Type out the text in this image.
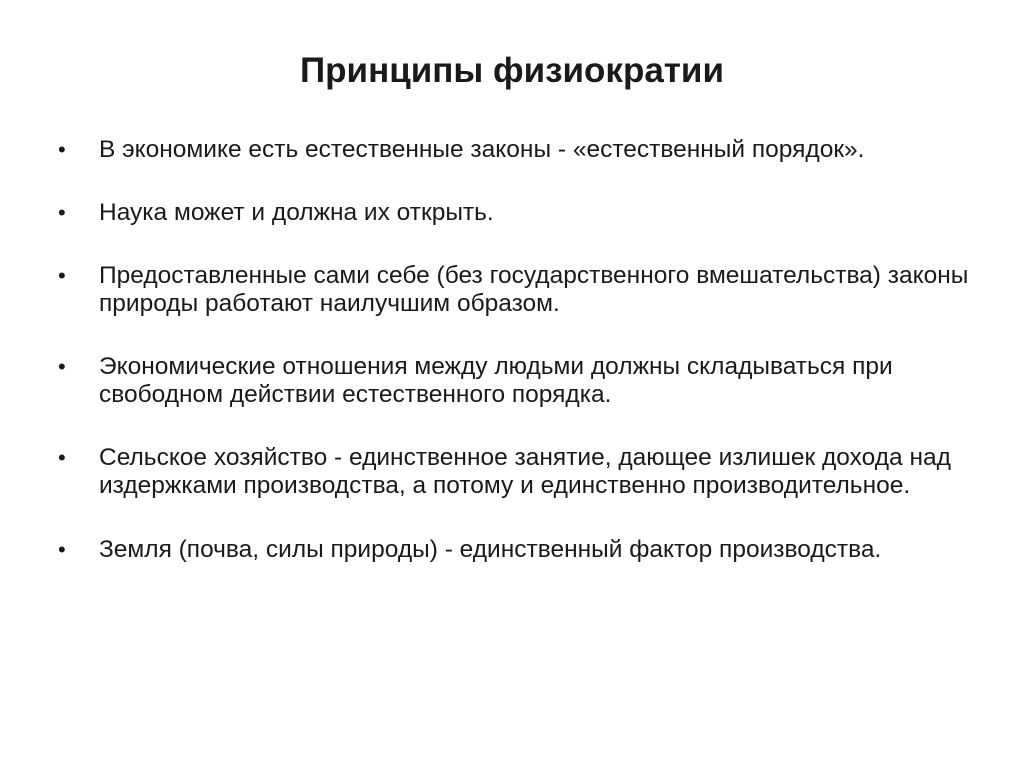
Принципы физиократии
•	В экономике есть естественные законы - «естественный порядок».
•	Наука может и должна их открыть.
•	Предоставленные сами себе (без государственного вмешательства) законы природы работают наилучшим образом.
•	Экономические отношения между людьми должны складываться при свободном действии естественного порядка.
•	Сельское хозяйство - единственное занятие, дающее излишек дохода над издержками производства, а потому и единственно производительное.
•	Земля (почва, силы природы) - единственный фактор производства.
